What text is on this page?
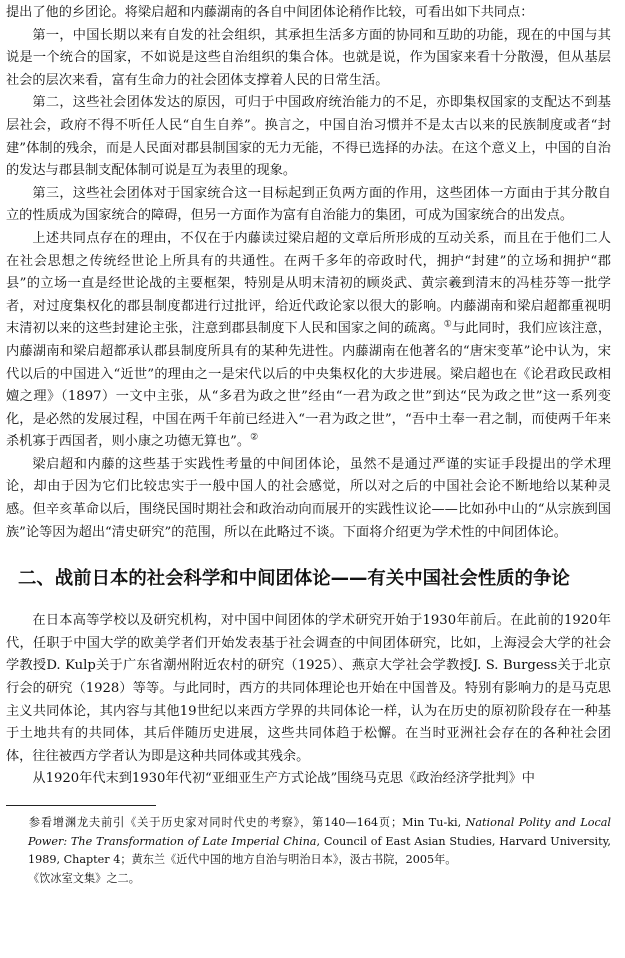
提出了他的乡团论。将梁启超和内藤湖南的各自中间团体论稍作比较，可看出如下共同点：

第一，中国长期以来有自发的社会组织，其承担生活多方面的协同和互助的功能，现在的中国与其说是一个统合的国家，不如说是这些自治组织的集合体。也就是说，作为国家来看十分散漫，但从基层社会的层次来看，富有生命力的社会团体支撑着人民的日常生活。

第二，这些社会团体发达的原因，可归于中国政府统治能力的不足，亦即集权国家的支配达不到基层社会，政府不得不听任人民“自生自养”。换言之，中国自治习惯并不是太古以来的民族制度或者“封建”体制的残余，而是人民面对郡县制国家的无力无能，不得已选择的办法。在这个意义上，中国的自治的发达与郡县制支配体制可说是互为表里的现象。

第三，这些社会团体对于国家统合这一目标起到正负两方面的作用，这些团体一方面由于其分散自立的性质成为国家统合的障碍，但另一方面作为富有自治能力的集团，可成为国家统合的出发点。

上述共同点存在的理由，不仅在于内藤读过梁启超的文章后所形成的互动关系，而且在于他们二人在社会思想之传统经世论上所具有的共通性。在两千多年的帝政时代，拥护“封建”的立场和拥护“郡县”的立场一直是经世论战的主要框架，特别是从明末清初的顾炎武、黄宗羲到清末的冯桂芬等一批学者，对过度集权化的郡县制度都进行过批评，给近代政论家以很大的影响。内藤湖南和梁启超都重视明末清初以来的这些封建论主张，注意到郡县制度下人民和国家之间的疏离。①与此同时，我们应该注意，内藤湖南和梁启超都承认郡县制度所具有的某种先进性。内藤湖南在他著名的“唐宋变革”论中认为，宋代以后的中国进入“近世”的理由之一是宋代以后的中央集权化的大步进展。梁启超也在《论君政民政相嬗之理》（1897）一文中主张，从“多君为政之世”经由“一君为政之世”到达“民为政之世”这一系列变化，是必然的发展过程，中国在两千年前已经进入“一君为政之世”，“吾中土奉一君之制，而使两千年来杀机寡于西国者，则小康之功德无算也”。②

梁启超和内藤的这些基于实践性考量的中间团体论，虽然不是通过严谨的实证手段提出的学术理论，却由于因为它们比较忠实于一般中国人的社会感觉，所以对之后的中国社会论不断地给以某种灵感。但辛亥革命以后，围绕民国时期社会和政治动向而展开的实践性议论——比如孙中山的“从宗族到国族”论等因为超出“清史研究”的范围，所以在此略过不谈。下面将介绍更为学术性的中间团体论。

二、战前日本的社会科学和中间团体论——有关中国社会性质的争论

在日本高等学校以及研究机构，对中国中间团体的学术研究开始于1930年前后。在此前的1920年代，任职于中国大学的欧美学者们开始发表基于社会调查的中间团体研究，比如，上海浸会大学的社会学教授D. Kulp关于广东省潮州附近农村的研究（1925）、燕京大学社会学教授J. S. Burgess关于北京行会的研究（1928）等等。与此同时，西方的共同体理论也开始在中国普及。特别有影响力的是马克思主义共同体论，其内容与其他19世纪以来西方学界的共同体论一样，认为在历史的原初阶段存在一种基于土地共有的共同体，其后伴随历史进展，这些共同体趋于松懈。在当时亚洲社会存在的各种社会团体，往往被西方学者认为即是这种共同体或其残余。

从1920年代末到1930年代初“亚细亚生产方式论战”围绕马克思《政治经济学批判》中

参看增渊龙夫前引《关于历史家对同时代史的考察》，第140—164页；Min Tu-ki, National Polity and Local Power: The Transformation of Late Imperial China, Council of East Asian Studies, Harvard University, 1989, Chapter 4；黄东兰《近代中国的地方自治与明治日本》，汲古书院，2005年。

《饮冰室文集》之二。
